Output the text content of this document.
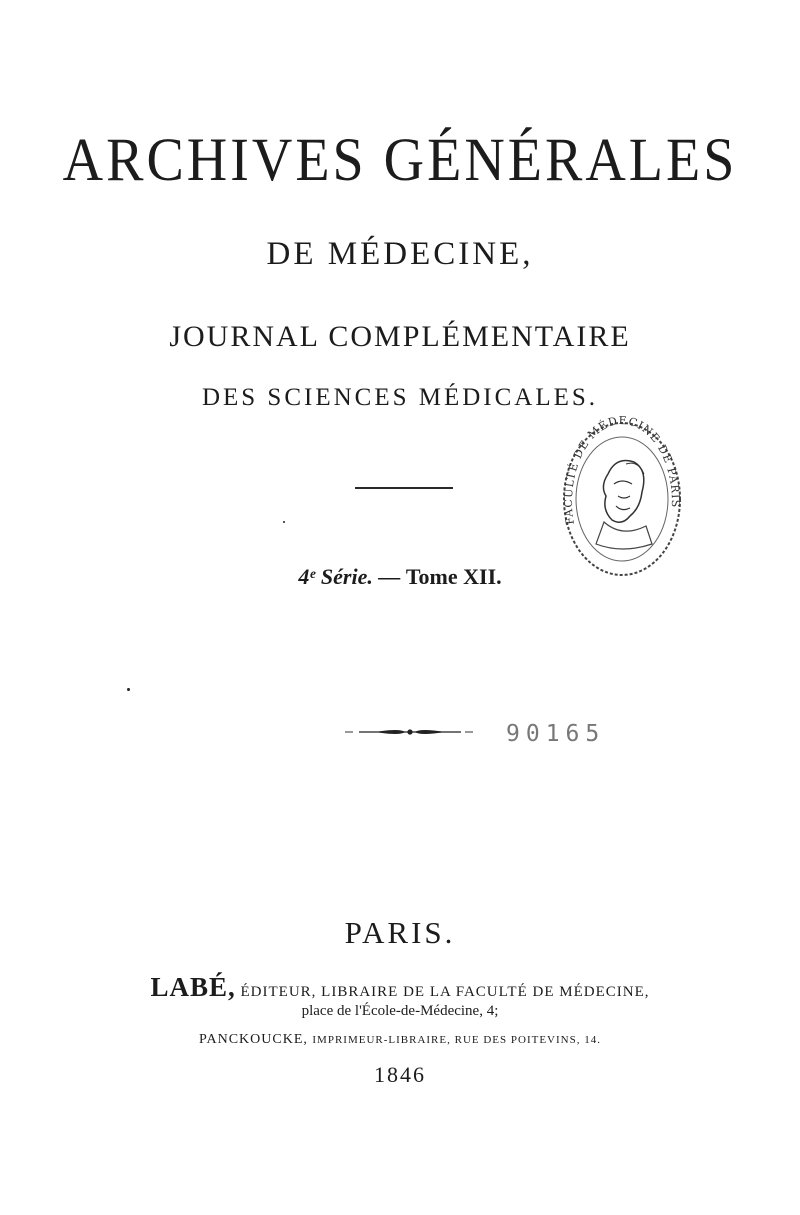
ARCHIVES GÉNÉRALES
DE MÉDECINE,
JOURNAL COMPLÉMENTAIRE
DES SCIENCES MÉDICALES.
4ᵉ Série. — Tome XII.
90165
FACULTÉ DE MÉDECINE DE PARIS
PARIS.
LABÉ, ÉDITEUR, LIBRAIRE DE LA FACULTÉ DE MÉDECINE,
place de l'École-de-Médecine, 4;
PANCKOUCKE, IMPRIMEUR-LIBRAIRE, RUE DES POITEVINS, 14.
1846
